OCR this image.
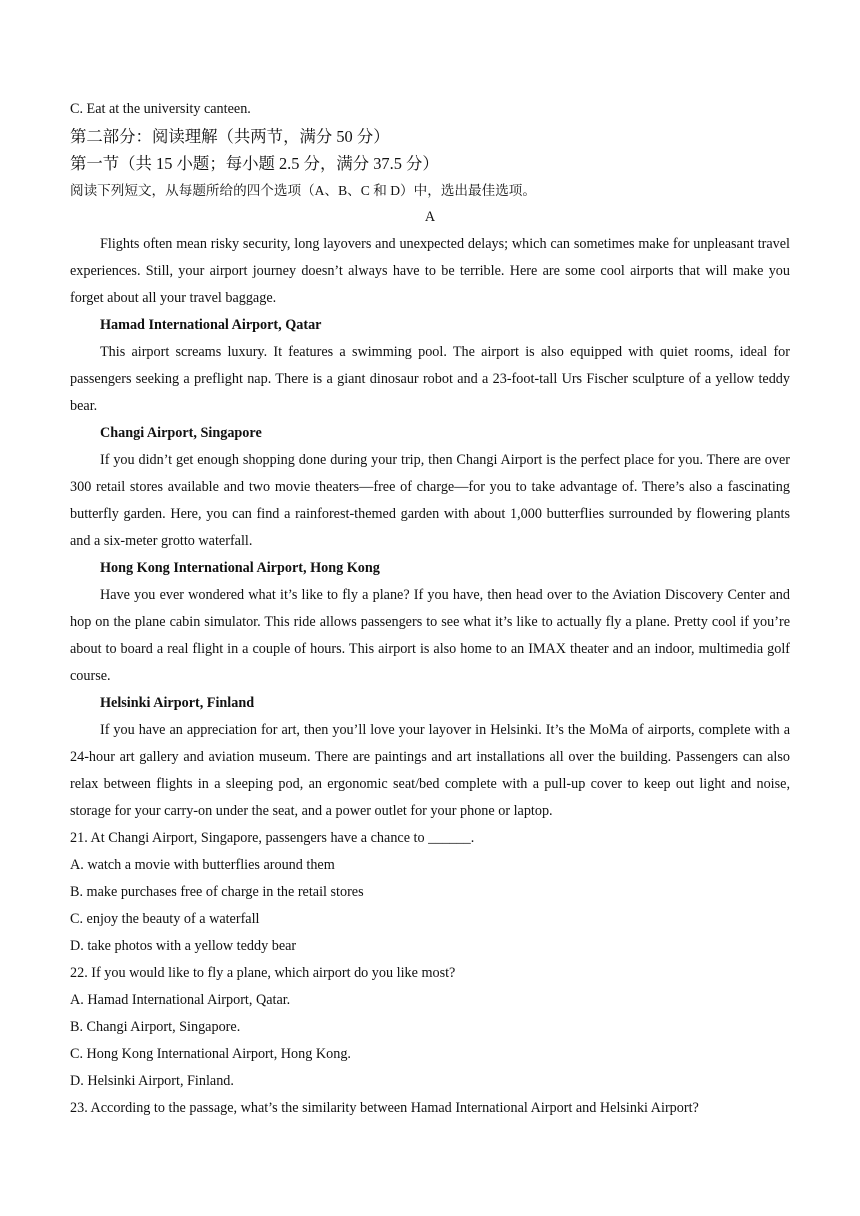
C. Eat at the university canteen.

第二部分：阅读理解（共两节，满分 50 分）

第一节（共 15 小题；每小题 2.5 分，满分 37.5 分）

阅读下列短文，从每题所给的四个选项（A、B、C 和 D）中，选出最佳选项。

A

Flights often mean risky security, long layovers and unexpected delays; which can sometimes make for unpleasant travel experiences. Still, your airport journey doesn’t always have to be terrible. Here are some cool airports that will make you forget about all your travel baggage.

Hamad International Airport, Qatar

This airport screams luxury. It features a swimming pool. The airport is also equipped with quiet rooms, ideal for passengers seeking a preflight nap. There is a giant dinosaur robot and a 23-foot-tall Urs Fischer sculpture of a yellow teddy bear.

Changi Airport, Singapore

If you didn’t get enough shopping done during your trip, then Changi Airport is the perfect place for you. There are over 300 retail stores available and two movie theaters—free of charge—for you to take advantage of. There’s also a fascinating butterfly garden. Here, you can find a rainforest-themed garden with about 1,000 butterflies surrounded by flowering plants and a six-meter grotto waterfall.

Hong Kong International Airport, Hong Kong

Have you ever wondered what it’s like to fly a plane? If you have, then head over to the Aviation Discovery Center and hop on the plane cabin simulator. This ride allows passengers to see what it’s like to actually fly a plane. Pretty cool if you’re about to board a real flight in a couple of hours. This airport is also home to an IMAX theater and an indoor, multimedia golf course.

Helsinki Airport, Finland

If you have an appreciation for art, then you’ll love your layover in Helsinki. It’s the MoMa of airports, complete with a 24-hour art gallery and aviation museum. There are paintings and art installations all over the building. Passengers can also relax between flights in a sleeping pod, an ergonomic seat/bed complete with a pull-up cover to keep out light and noise, storage for your carry-on under the seat, and a power outlet for your phone or laptop.

21. At Changi Airport, Singapore, passengers have a chance to ______.

A. watch a movie with butterflies around them

B. make purchases free of charge in the retail stores

C. enjoy the beauty of a waterfall

D. take photos with a yellow teddy bear

22. If you would like to fly a plane, which airport do you like most?

A. Hamad International Airport, Qatar.

B. Changi Airport, Singapore.

C. Hong Kong International Airport, Hong Kong.

D. Helsinki Airport, Finland.

23. According to the passage, what’s the similarity between Hamad International Airport and Helsinki Airport?
